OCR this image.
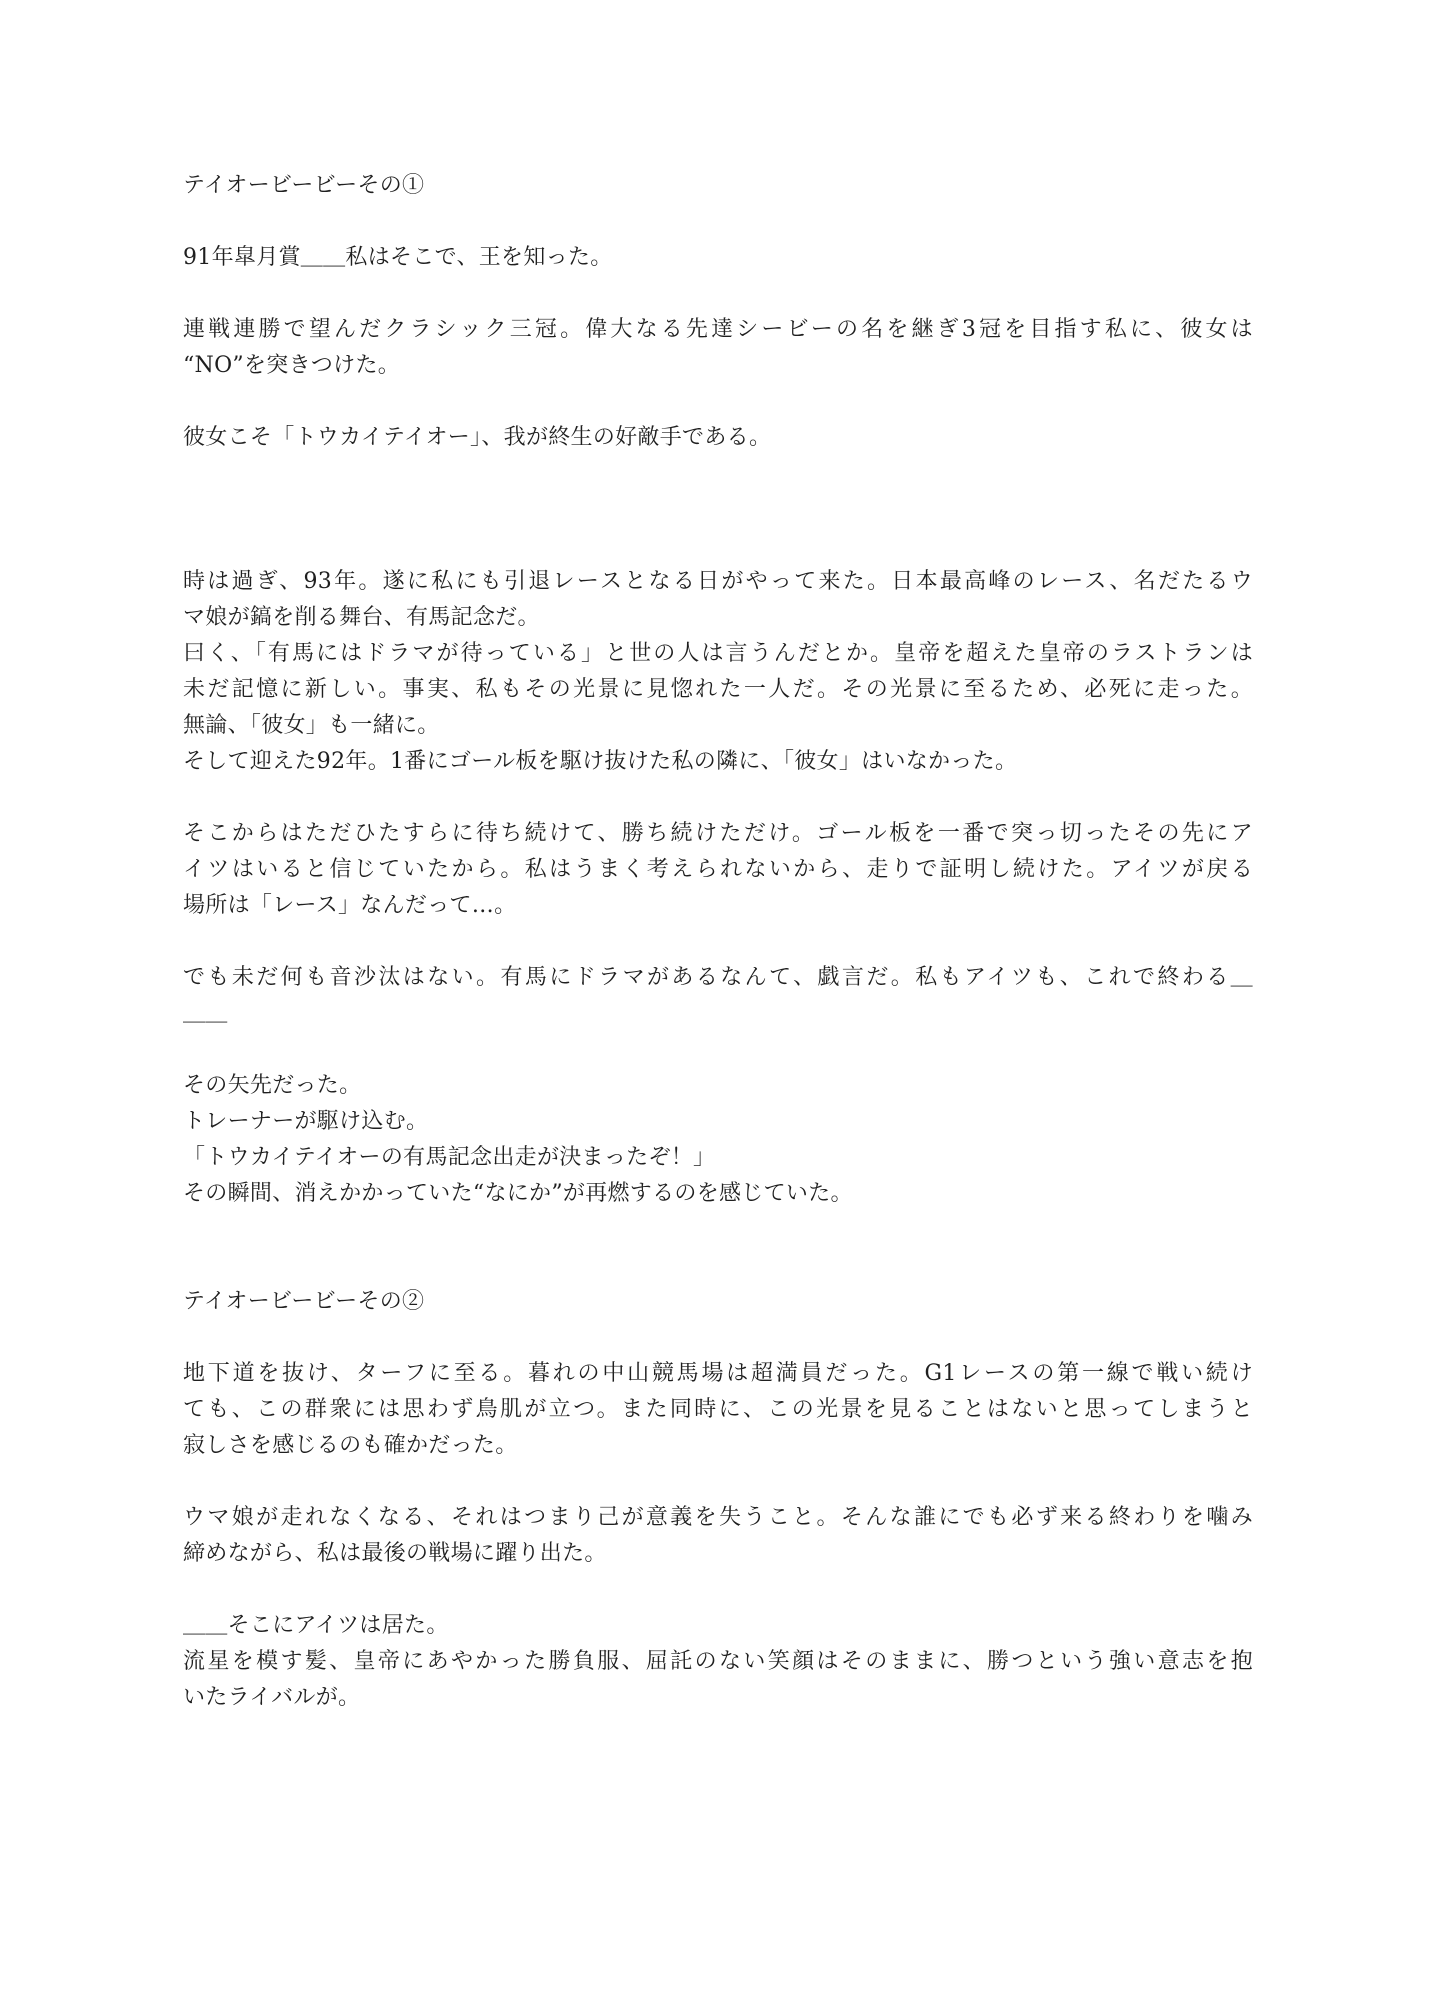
テイオービービーその①
91年皐月賞＿＿私はそこで、王を知った。
連戦連勝で望んだクラシック三冠。偉大なる先達シービーの名を継ぎ3冠を目指す私に、彼女は
“NO”を突きつけた。
彼女こそ「トウカイテイオー」、我が終生の好敵手である。
時は過ぎ、93年。遂に私にも引退レースとなる日がやって来た。日本最高峰のレース、名だたるウ
マ娘が鎬を削る舞台、有馬記念だ。
曰く、「有馬にはドラマが待っている」と世の人は言うんだとか。皇帝を超えた皇帝のラストランは
未だ記憶に新しい。事実、私もその光景に見惚れた一人だ。その光景に至るため、必死に走った。
無論、「彼女」も一緒に。
そして迎えた92年。1番にゴール板を駆け抜けた私の隣に、「彼女」はいなかった。
そこからはただひたすらに待ち続けて、勝ち続けただけ。ゴール板を一番で突っ切ったその先にア
イツはいると信じていたから。私はうまく考えられないから、走りで証明し続けた。アイツが戻る
場所は「レース」なんだって…。
でも未だ何も音沙汰はない。有馬にドラマがあるなんて、戯言だ。私もアイツも、これで終わる＿
＿＿
その矢先だった。
トレーナーが駆け込む。
「トウカイテイオーの有馬記念出走が決まったぞ！」
その瞬間、消えかかっていた“なにか”が再燃するのを感じていた。
テイオービービーその②
地下道を抜け、ターフに至る。暮れの中山競馬場は超満員だった。G1レースの第一線で戦い続け
ても、この群衆には思わず鳥肌が立つ。また同時に、この光景を見ることはないと思ってしまうと
寂しさを感じるのも確かだった。
ウマ娘が走れなくなる、それはつまり己が意義を失うこと。そんな誰にでも必ず来る終わりを噛み
締めながら、私は最後の戦場に躍り出た。
＿＿そこにアイツは居た。
流星を模す髪、皇帝にあやかった勝負服、屈託のない笑顔はそのままに、勝つという強い意志を抱
いたライバルが。
